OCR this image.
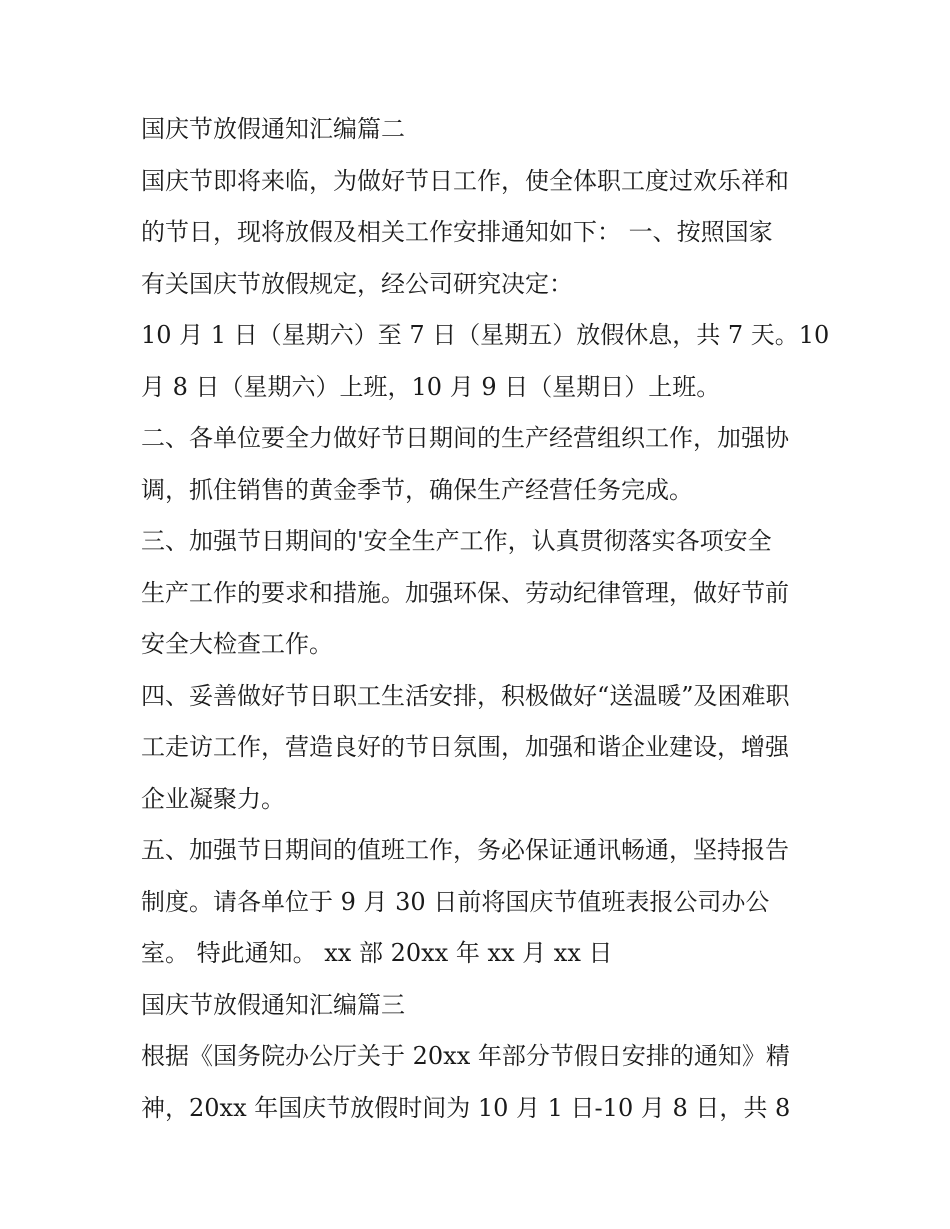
国庆节放假通知汇编篇二
国庆节即将来临，为做好节日工作，使全体职工度过欢乐祥和
的节日，现将放假及相关工作安排通知如下： 一、按照国家
有关国庆节放假规定，经公司研究决定：
10 月 1 日（星期六）至 7 日（星期五）放假休息，共 7 天。10
月 8 日（星期六）上班，10 月 9 日（星期日）上班。
二、各单位要全力做好节日期间的生产经营组织工作，加强协
调，抓住销售的黄金季节，确保生产经营任务完成。
三、加强节日期间的'安全生产工作，认真贯彻落实各项安全
生产工作的要求和措施。加强环保、劳动纪律管理，做好节前
安全大检查工作。
四、妥善做好节日职工生活安排，积极做好“送温暖”及困难职
工走访工作，营造良好的节日氛围，加强和谐企业建设，增强
企业凝聚力。
五、加强节日期间的值班工作，务必保证通讯畅通，坚持报告
制度。请各单位于 9 月 30 日前将国庆节值班表报公司办公
室。 特此通知。 xx 部 20xx 年 xx 月 xx 日
国庆节放假通知汇编篇三
根据《国务院办公厅关于 20xx 年部分节假日安排的通知》精
神，20xx 年国庆节放假时间为 10 月 1 日-10 月 8 日，共 8
